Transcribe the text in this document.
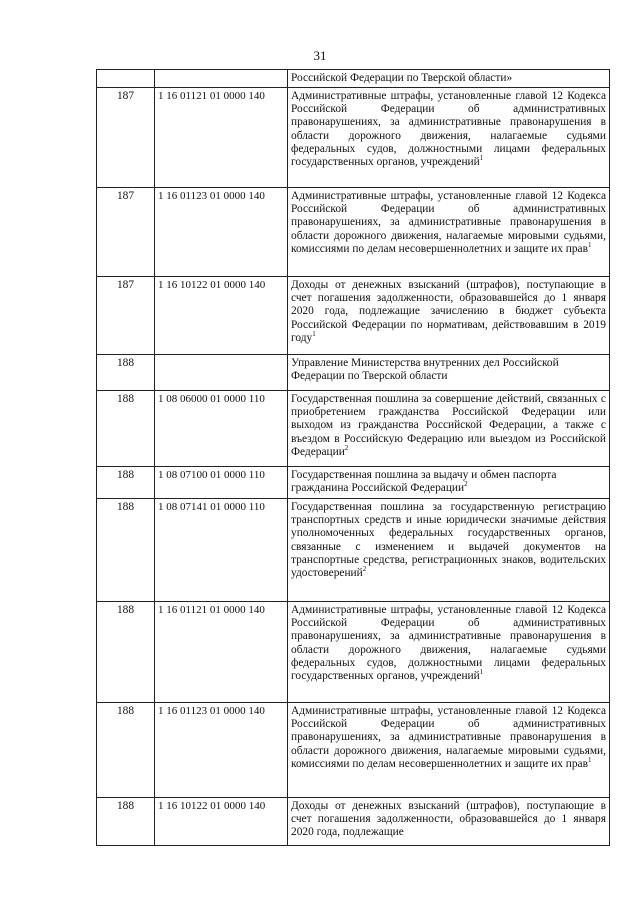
31
		Российской Федерации по Тверской области»
187	1 16 01121 01 0000 140	Административные штрафы, установленные главой 12 Кодекса Российской Федерации об административных правонарушениях, за административные правонарушения в области дорожного движения, налагаемые судьями федеральных судов, должностными лицами федеральных государственных органов, учреждений$^1$
187	1 16 01123 01 0000 140	Административные штрафы, установленные главой 12 Кодекса Российской Федерации об административных правонарушениях, за административные правонарушения в области дорожного движения, налагаемые мировыми судьями, комиссиями по делам несовершеннолетних и защите их прав$^1$
187	1 16 10122 01 0000 140	Доходы от денежных взысканий (штрафов), поступающие в счет погашения задолженности, образовавшейся до 1 января 2020 года, подлежащие зачислению в бюджет субъекта Российской Федерации по нормативам, действовавшим в 2019 году$^1$
188		Управление Министерства внутренних дел Российской Федерации по Тверской области
188	1 08 06000 01 0000 110	Государственная пошлина за совершение действий, связанных с приобретением гражданства Российской Федерации или выходом из гражданства Российской Федерации, а также с въездом в Российскую Федерацию или выездом из Российской Федерации$^2$
188	1 08 07100 01 0000 110	Государственная пошлина за выдачу и обмен паспорта гражданина Российской Федерации$^2$
188	1 08 07141 01 0000 110	Государственная пошлина за государственную регистрацию транспортных средств и иные юридически значимые действия уполномоченных федеральных государственных органов, связанные с изменением и выдачей документов на транспортные средства, регистрационных знаков, водительских удостоверений$^2$
188	1 16 01121 01 0000 140	Административные штрафы, установленные главой 12 Кодекса Российской Федерации об административных правонарушениях, за административные правонарушения в области дорожного движения, налагаемые судьями федеральных судов, должностными лицами федеральных государственных органов, учреждений$^1$
188	1 16 01123 01 0000 140	Административные штрафы, установленные главой 12 Кодекса Российской Федерации об административных правонарушениях, за административные правонарушения в области дорожного движения, налагаемые мировыми судьями, комиссиями по делам несовершеннолетних и защите их прав$^1$
188	1 16 10122 01 0000 140	Доходы от денежных взысканий (штрафов), поступающие в счет погашения задолженности, образовавшейся до 1 января 2020 года, подлежащие
